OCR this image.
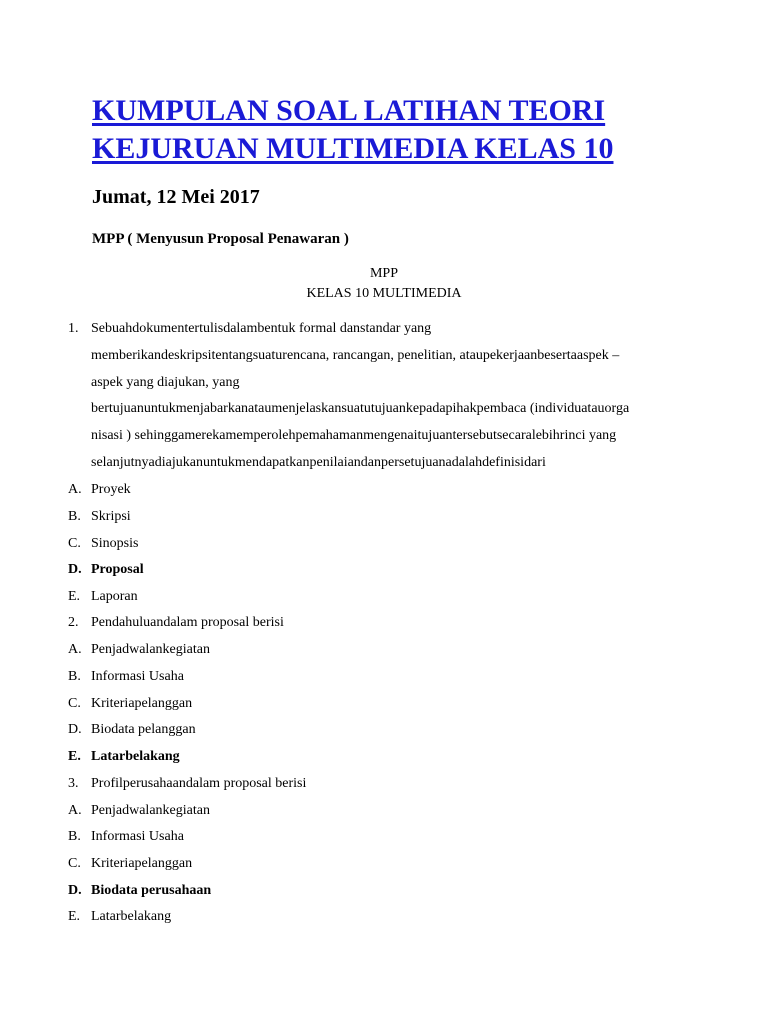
KUMPULAN SOAL LATIHAN TEORI
KEJURUAN MULTIMEDIA KELAS 10
Jumat, 12 Mei 2017
MPP ( Menyusun Proposal Penawaran )
MPP
KELAS 10 MULTIMEDIA
1. Sebuahdokumentertulisdalambentuk formal danstandar yang
memberikandeskripsitentangsuaturencana, rancangan, penelitian, ataupekerjaanbesertaaspek –
aspek yang diajukan, yang
bertujuanuntukmenjabarkanataumenjelaskansuatutujuankepadapihakpembaca (individuatauorga
nisasi ) sehinggamerekamemperolehpemahamanmengenaitujuantersebutsecaralebihrinci yang
selanjutnyadiajukanuntukmendapatkanpenilaiandanpersetujuanadalahdefinisidari
A. Proyek
B. Skripsi
C. Sinopsis
D. Proposal
E. Laporan
2. Pendahuluandalam proposal berisi
A. Penjadwalankegiatan
B. Informasi Usaha
C. Kriteriapelanggan
D. Biodata pelanggan
E. Latarbelakang
3. Profilperusahaandalam proposal berisi
A. Penjadwalankegiatan
B. Informasi Usaha
C. Kriteriapelanggan
D. Biodata perusahaan
E. Latarbelakang
